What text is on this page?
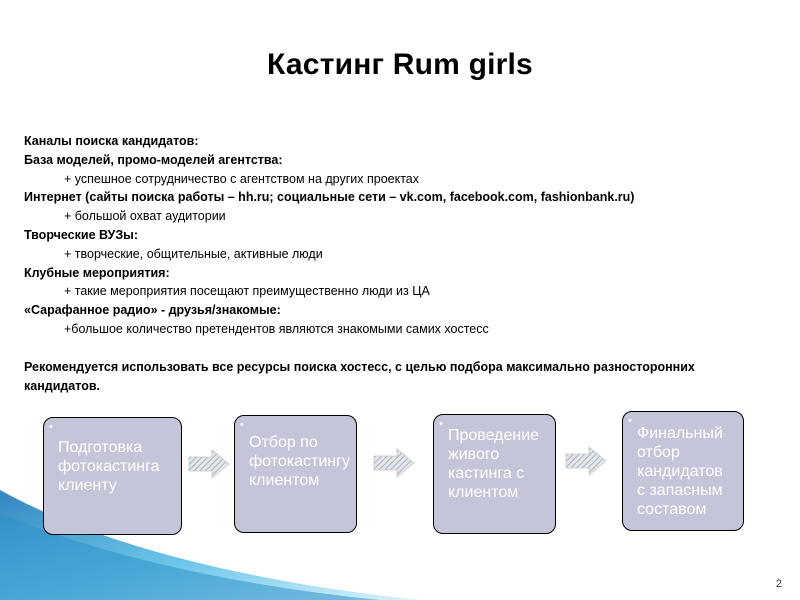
Кастинг Rum girls
Каналы поиска кандидатов:
База моделей, промо-моделей агентства:
+ успешное сотрудничество с агентством на других проектах
Интернет (сайты поиска работы – hh.ru; социальные сети – vk.com, facebook.com, fashionbank.ru)
+ большой охват аудитории
Творческие ВУЗы:
+ творческие, общительные, активные люди
Клубные мероприятия:
+ такие мероприятия посещают преимущественно люди из ЦА
«Сарафанное радио» - друзья/знакомые:
+большое количество претендентов являются знакомыми самих хостесс
Рекомендуется использовать все ресурсы поиска хостесс, с целью подбора максимально разносторонних кандидатов.
•
Подготовка фотокастинга клиенту
•
Отбор по фотокастингу клиентом
•
Проведение живого кастинга с клиентом
•
Финальный отбор кандидатов с запасным составом
2
